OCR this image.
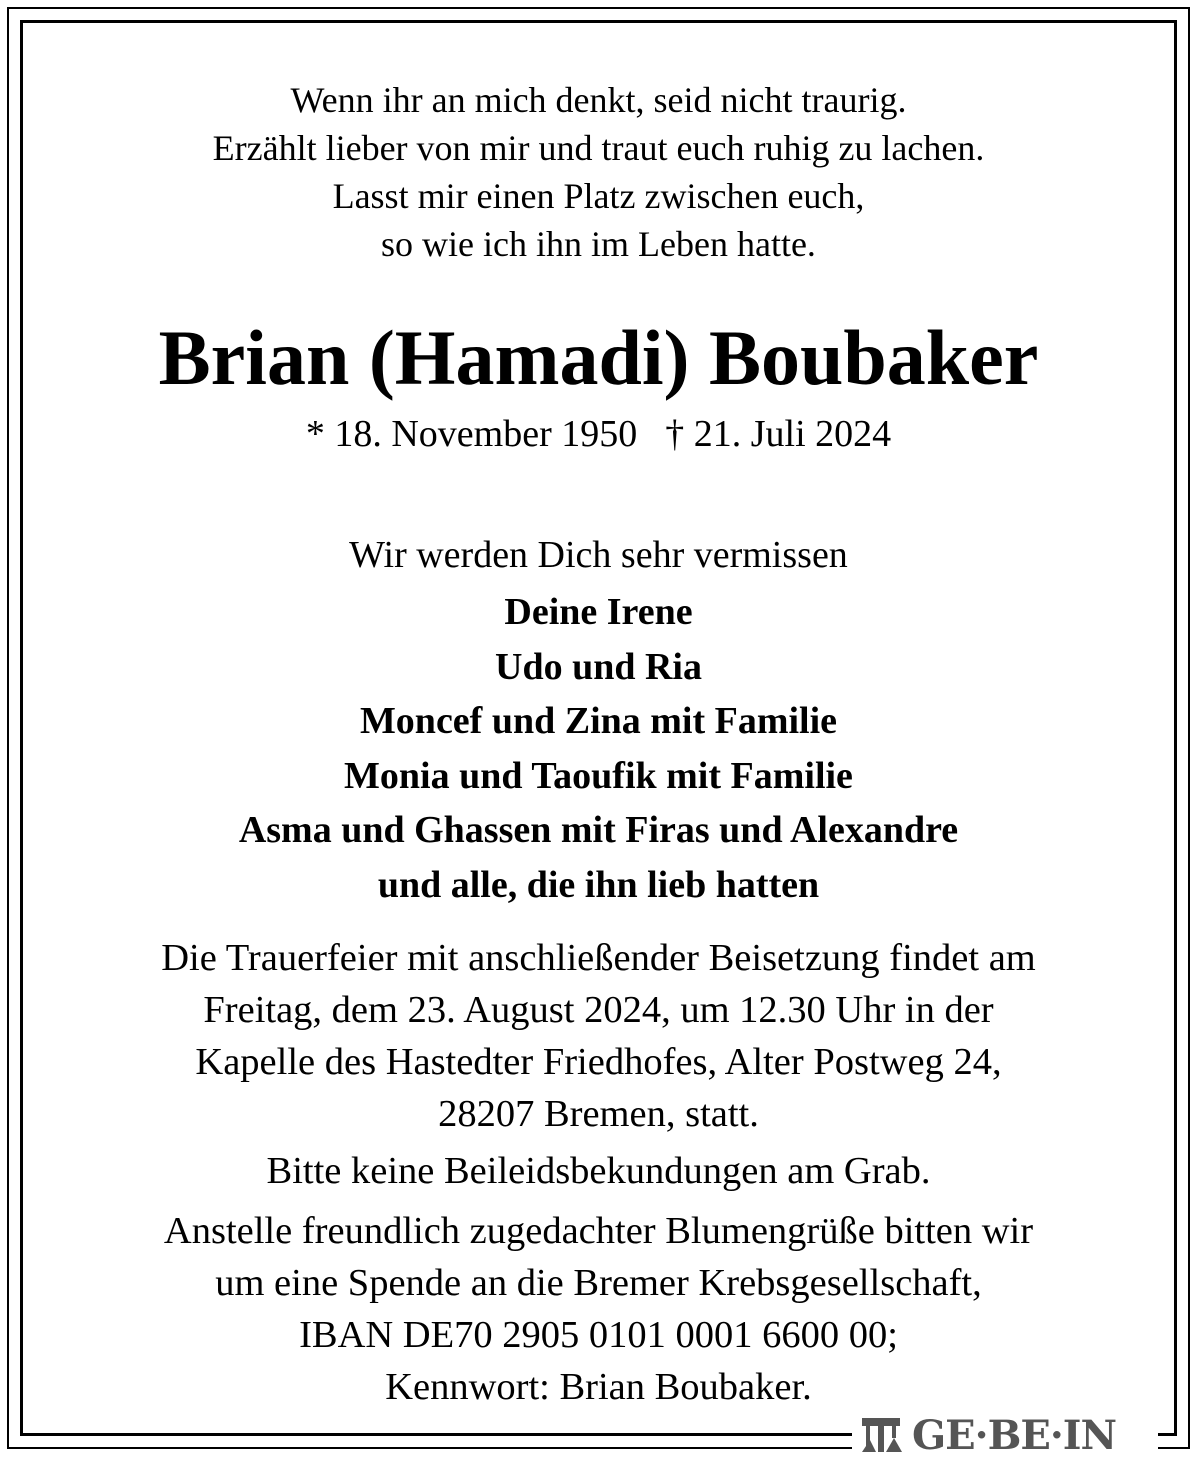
Wenn ihr an mich denkt, seid nicht traurig.
Erzählt lieber von mir und traut euch ruhig zu lachen.
Lasst mir einen Platz zwischen euch,
so wie ich ihn im Leben hatte.
Brian (Hamadi) Boubaker
* 18. November 1950 † 21. Juli 2024
Wir werden Dich sehr vermissen
Deine Irene
Udo und Ria
Moncef und Zina mit Familie
Monia und Taoufik mit Familie
Asma und Ghassen mit Firas und Alexandre
und alle, die ihn lieb hatten
Die Trauerfeier mit anschließender Beisetzung findet am
Freitag, dem 23. August 2024, um 12.30 Uhr in der
Kapelle des Hastedter Friedhofes, Alter Postweg 24,
28207 Bremen, statt.
Bitte keine Beileidsbekundungen am Grab.
Anstelle freundlich zugedachter Blumengrüße bitten wir
um eine Spende an die Bremer Krebsgesellschaft,
IBAN DE70 2905 0101 0001 6600 00;
Kennwort: Brian Boubaker.
GE·BE·IN
